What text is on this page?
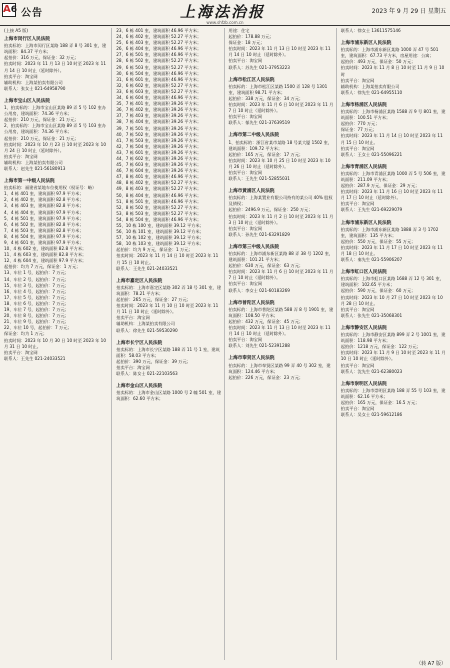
A6 公告	上海法治报	2023 年 9 月 29 日 星期五
www.shfzb.com.cn

(上接 A5 版)

上海市闵行区人民法院

拍卖标的：上海市闵行区某路 188 弄 8 号 301 室，建筑面积：84.37 平方米；

起拍价：316 万元，保证金：32 万元；

拍卖时间：2023 年 11 月 13 日 10 时至 2023 年 11 月 14 日 10 时止（延时除外）。

拍卖平台：淘宝网

辅助机构：上海某拍卖有限公司

联系人：张女士 021-64958790

上海市宝山区人民法院

1、拍卖标的：上海市宝山区某路 89 弄 5 号 102 室办公用房，建筑面积：74.36 平方米；

起拍价：210 万元，保证金：21 万元；

2、拍卖标的：上海市宝山区某路 89 弄 5 号 103 室办公用房，建筑面积：74.36 平方米；

起拍价：210 万元，保证金：21 万元；

拍卖时间：2023 年 10 月 23 日 10 时至 2023 年 10 月 24 日 10 时止（延时除外）。

拍卖平台：淘宝网

辅助机构：上海某拍卖有限公司

联系人：赵先生 021-56180913

上海市第一中级人民法院

拍卖标的：福建省某地车位使用权（权证号：略）

1、4 栋 401 室，建筑面积 97.9 平方米；

2、4 栋 402 室，建筑面积 82.8 平方米；

3、4 栋 403 室，建筑面积 82.8 平方米；

4、4 栋 404 室，建筑面积 97.9 平方米；

5、4 栋 501 室，建筑面积 97.9 平方米；

6、4 栋 502 室，建筑面积 82.8 平方米；

7、4 栋 503 室，建筑面积 82.8 平方米；

8、4 栋 504 室，建筑面积 97.9 平方米；

9、4 栋 601 室，建筑面积 97.9 平方米；

10、4 栋 602 室，建筑面积 82.8 平方米；

11、4 栋 603 室，建筑面积 82.8 平方米；

12、4 栋 604 室，建筑面积 97.9 平方米；

起拍价：均为 7 万元，保证金：1 万元；

13、车位 1 号，起拍价：7 万元；

14、车位 2 号，起拍价：7 万元；

15、车位 3 号，起拍价：7 万元；

16、车位 4 号，起拍价：7 万元；

17、车位 5 号，起拍价：7 万元；

18、车位 6 号，起拍价：7 万元；

19、车位 7 号，起拍价：7 万元；

20、车位 8 号，起拍价：7 万元；

21、车位 9 号，起拍价：7 万元；

22、车位 10 号，起拍价：7 万元；

保证金：均为 1 万元；

拍卖时间：2023 年 10 月 30 日 10 时至 2023 年 10 月 31 日 10 时止。

拍卖平台：淘宝网

联系人：王先生 021-24033521

23、6 栋 401 室，建筑面积 46.96 平方米；

24、6 栋 402 室，建筑面积 52.27 平方米；

25、6 栋 403 室，建筑面积 52.27 平方米；

26、6 栋 404 室，建筑面积 46.96 平方米；

27、6 栋 501 室，建筑面积 46.96 平方米；

28、6 栋 502 室，建筑面积 52.27 平方米；

29、6 栋 503 室，建筑面积 52.27 平方米；

30、6 栋 504 室，建筑面积 46.96 平方米；

31、6 栋 601 室，建筑面积 46.96 平方米；

32、6 栋 602 室，建筑面积 52.27 平方米；

33、6 栋 603 室，建筑面积 52.27 平方米；

34、6 栋 604 室，建筑面积 46.96 平方米；

35、7 栋 401 室，建筑面积 39.26 平方米；

36、7 栋 402 室，建筑面积 39.26 平方米；

37、7 栋 403 室，建筑面积 39.26 平方米；

38、7 栋 404 室，建筑面积 39.26 平方米；

39、7 栋 501 室，建筑面积 39.26 平方米；

40、7 栋 502 室，建筑面积 39.26 平方米；

41、7 栋 503 室，建筑面积 39.26 平方米；

42、7 栋 504 室，建筑面积 39.26 平方米；

43、7 栋 601 室，建筑面积 39.26 平方米；

44、7 栋 602 室，建筑面积 39.26 平方米；

45、7 栋 603 室，建筑面积 39.26 平方米；

46、7 栋 604 室，建筑面积 39.26 平方米；

47、8 栋 401 室，建筑面积 46.96 平方米；

48、8 栋 402 室，建筑面积 52.27 平方米；

49、8 栋 403 室，建筑面积 52.27 平方米；

50、8 栋 404 室，建筑面积 46.96 平方米；

51、8 栋 501 室，建筑面积 46.96 平方米；

52、8 栋 502 室，建筑面积 52.27 平方米；

53、8 栋 503 室，建筑面积 52.27 平方米；

54、8 栋 504 室，建筑面积 46.96 平方米；

55、10 栋 100 室，建筑面积 39.12 平方米；

56、10 栋 101 室，建筑面积 39.12 平方米；

57、10 栋 102 室，建筑面积 39.12 平方米；

58、10 栋 103 室，建筑面积 39.12 平方米；

起拍价：均为 9 万元，保证金：1 万元；

拍卖时间：2023 年 11 月 14 日 10 时至 2023 年 11 月 15 日 10 时止。

联系人：王先生 021-24033521

上海市嘉定区人民法院

拍卖标的：上海市嘉定区某路 302 弄 18 号 301 室，建筑面积：78.21 平方米；

起拍价：265 万元，保证金：27 万元；

拍卖时间：2023 年 11 月 10 日 10 时至 2023 年 11 月 11 日 10 时止（延时除外）。

拍卖平台：淘宝网

辅助机构：上海某拍卖有限公司

联系人：徐先生 021-59530290

上海市长宁区人民法院

拍卖标的：上海市长宁区某路 188 弄 11 号 1 室，建筑面积：58.03 平方米；

起拍价：390 万元，保证金：39 万元；

拍卖平台：淘宝网

联系人：陈女士 021-22103563

上海市金山区人民法院

拍卖标的：上海市金山区某路 1000 号 2 幢 501 室，建筑面积：62.60 平方米；

用途：住宅

起拍价：178.88 万元；

保证金：18 万元；

拍卖时间：2023 年 11 月 13 日 10 时至 2023 年 11 月 14 日 10 时止（延时除外）。

拍卖平台：淘宝网

联系人：苏先生 021-37953223

上海市松江区人民法院

拍卖标的：上海市松江区某路 1500 弄 128 号 1301 室，建筑面积 98.71 平方米；

起拍价：338 万元，保证金：34 万元；

拍卖时间：2023 年 11 月 6 日 10 时至 2023 年 11 月 7 日 10 时止（延时除外）。

拍卖平台：淘宝网

联系人：郁先生 021-37639519

上海市第二中级人民法院

1、拍卖标的：浙江省某市某路 18 号某大厦 1502 室，建筑面积：109.72 平方米；

起拍价：165 万元，保证金：17 万元；

拍卖时间：2023 年 10 月 25 日 10 时至 2023 年 10 月 26 日 10 时止（延时除外）。

拍卖平台：淘宝网

联系人：王先生 021-52855031

上海市黄浦区人民法院

拍卖标的：上海某置业有限公司持有的某公司 40% 股权及债权；

起拍价：2496.9 万元，保证金：250 万元；

拍卖时间：2023 年 11 月 2 日 10 时至 2023 年 11 月 3 日 10 时止（延时除外）。

拍卖平台：淘宝网

联系人：孙先生 021-63291829

上海市第三中级人民法院

拍卖标的：上海市浦东新区某路 88 弄 38 号 1202 室，建筑面积：101.21 平方米；

起拍价：630 万元，保证金：63 万元；

拍卖时间：2023 年 11 月 6 日 10 时至 2023 年 11 月 7 日 10 时止（延时除外）。

拍卖平台：淘宝网

联系人：李女士 021-60183269

上海市普陀区人民法院

拍卖标的：上海市普陀区某路 588 弄 8 号 1901 室，建筑面积：108.50 平方米；

起拍价：432 万元，保证金：45 万元；

拍卖时间：2023 年 11 月 13 日 10 时至 2023 年 11 月 14 日 10 时止（延时除外）。

拍卖平台：淘宝网

联系人：刘先生 021-52391288

上海市奉贤区人民法院

拍卖标的：上海市奉贤区某路 99 弄 40 号 302 室，建筑面积：124.46 平方米；

起拍价：226 万元，保证金：23 万元；

联系人：徐女士 13611575146

上海市浦东新区人民法院

拍卖标的：上海市浦东新区某路 1000 弄 47 号 501 室，建筑面积：67.73 平方米，房屋用途：公寓；

起拍价：493 万元，保证金：50 万元；

拍卖时间：2023 年 11 月 8 日 10 时至 11 月 9 日 10 时

拍卖平台：淘宝网

辅助机构：上海某拍卖有限公司

联系人：徐先生 021-64955110

上海市杨浦区人民法院

拍卖标的：上海市杨浦区某路 1588 弄 9 号 801 室，建筑面积：100.51 平方米；

起拍价：770 万元；

保证金：77 万元；

拍卖时间：2023 年 11 月 14 日 10 时至 2023 年 11 月 15 日 10 时止。

拍卖平台：淘宝网

联系人：王女士 021-55096221

上海市青浦区人民法院

拍卖标的：上海市青浦区某路 1000 弄 5 号 506 室，建筑面积：211.09 平方米；

起拍价：287.9 万元，保证金：29 万元；

拍卖时间：2023 年 11 月 16 日 10 时至 2023 年 11 月 17 日 10 时止（延时除外）。

拍卖平台：淘宝网

联系人：王先生 021-69229079

上海市浦东新区人民法院

拍卖标的：上海市浦东新区某路 1888 弄 3 号 1702 室，建筑面积：135 平方米；

起拍价：550 万元，保证金：55 万元；

拍卖时间：2023 年 11 月 17 日 10 时至 2023 年 11 月 18 日 10 时止。

联系人：秦先生 021-55906207

上海市虹口区人民法院

拍卖标的：上海市虹口区某路 1688 弄 12 号 301 室，建筑面积：102.65 平方米；

起拍价：590 万元，保证金：60 万元；

拍卖时间：2023 年 10 月 27 日 10 时至 2023 年 10 月 28 日 10 时止。

拍卖平台：淘宝网

联系人：张先生 021-35068301

上海市静安区人民法院

拍卖标的：上海市静安区某路 899 弄 2 号 1001 室，建筑面积：118.98 平方米；

起拍价：1218 万元，保证金：122 万元；

拍卖时间：2023 年 11 月 9 日 10 时至 2023 年 11 月 10 日 10 时止（延时除外）。

拍卖平台：淘宝网

联系人：沈先生 021-62380023

上海市崇明区人民法院

拍卖标的：上海市崇明区某路 188 弄 55 号 103 室，建筑面积：62.16 平方米；

起拍价：165 万元，保证金：16.5 万元；

拍卖平台：淘宝网

联系人：吴女士 021-59612186

（转 A7 版）
